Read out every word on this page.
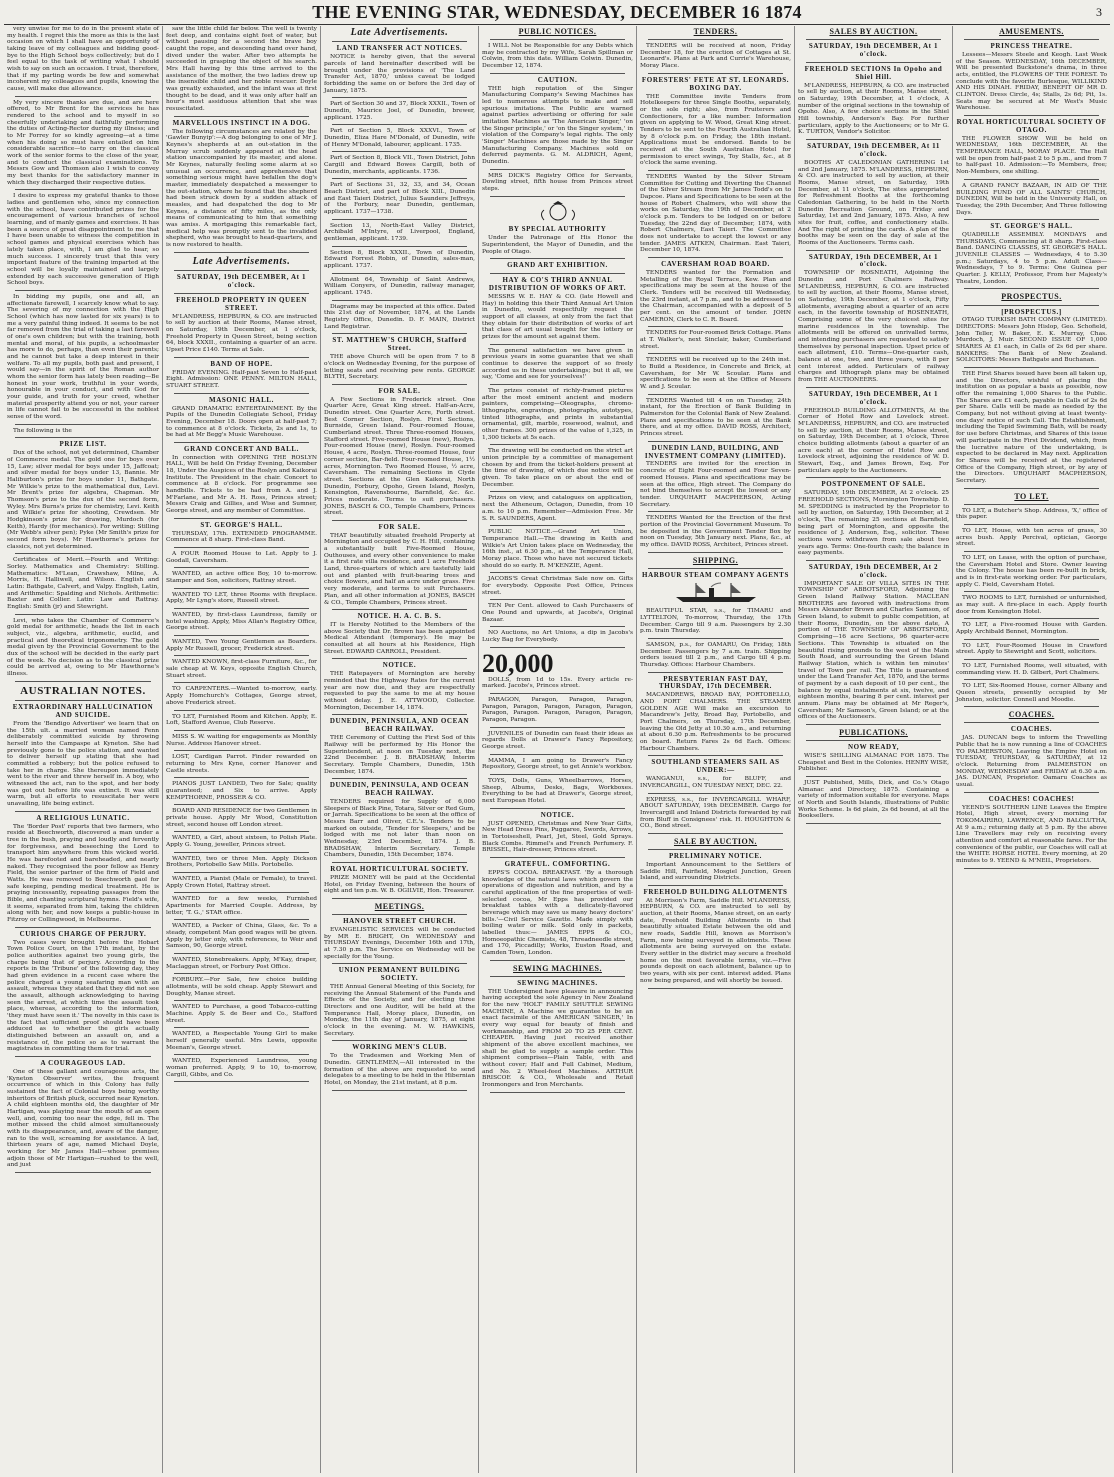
THE EVENING STAR, WEDNESDAY, DECEMBER 16 1874	3

very unwise for me to do in the present state of my health. I regret this the more as this is the last occasion on which I shall have an opportunity of taking leave of my colleagues and bidding good-bye to the High School boys collectively; but do I feel equal to the task of writing what I should wish to say on such an occasion. I trust, therefore, that if my parting words be few and somewhat incoherent my colleagues and pupils, knowing the cause, will make due allowance.

My very sincere thanks are due, and are here offered, to Mr Brent for the services he has rendered to the school and to myself in so cheerfully undertaking and faithfully performing the duties of Acting-Rector during my illness; and to Mr Forrey for so kindly agreeing—at a time when his doing so must have entailed on him considerable sacrifice—to carry on the classical work of the senior forms to the close of the year, and to conduct the classical examinations. To Messrs Gow and Thomson also I wish to convey my best thanks for the satisfactory manner in which they discharged their respective duties.

I desire to express my grateful thanks to those ladies and gentlemen who, since my connection with the school, have contributed prizes for the encouragement of various branches of school learning, and of manly games and exercises. It has been a source of great disappointment to me that I have been unable to witness the competition in school games and physical exercises which has lately taken place, with, I am glad to hear, so much success. I sincerely trust that this very important feature of the training imparted at the school will be loyally maintained and largely extended by each successive generation of High School boys.

In bidding my pupils, one and all, an affectionate farewell, I scarcely know what to say. The severing of my connection with the High School (which has now lasted for six years) is to me a very painful thing indeed. It seems to be not far removed from the trial of taking a last farewell of one's own children; but with the training, both mental and moral, of his pupils, a schoolmaster has more to do, perhaps, than even their parents; and he cannot but take a deep interest in their welfare. To all my pupils, both past and present, I would say—in the spirit of the Roman author whom the senior form has lately been reading—Be honest in your work, truthful in your words, honourable in your conduct, and with God for your guide, and truth for your creed, whether material prosperity attend you or not, your career in life cannot fail to be successful in the noblest sense of the word.

The following is the

PRIZE LIST.

Dux of the school, not yet determined, Chamber of Commerce medal. The gold one for boys over 15, Law; silver medal for boys under 15, Jaffcoat; and silver medal for boys under 13, Bannie. Mr Haliburton's prize for boys under 11, Bathgate. Mr Wilkie's prize to the mathematical dux, Levi. Mr Brent's prize for algebra, Chapman. Mr Thomson's prize to the dux of the second form, Wyley. Mrs Burns's prize for chemistry, Levi. Keith and Wilkie's prize for shooting, Crewdsen. Mr Hodgkinson's prize for drawing, Murdoch (for Keith), Hardy (for mechanics). For writing: Stilling (Mr Webb's silver pen); Pyke (Mr Smith's prize for second form boys). Mr Hawthorne's prizes for classics, not yet determined.

Certificates of Merit.—Fourth and Writing: Sorley. Mathematics and Chemistry: Stilling. Mathematics: M'Lean, Crawshaw, Milne, A. Morris, H. Halliwell, and Wilson. English and Latin: Bathgate, Calvert, and Valpy. English, Latin, and Arithmetic: Spalding and Nichols. Arithmetic: Baxter and Collier. Latin: Law and Rattray. English: Smith (jr) and Stewright.

Levi, who takes the Chamber of Commerce's gold medal for arithmetic, heads the list in each subject, viz., algebra, arithmetic, euclid, and practical and theoretical trigonometry. The gold medal given by the Provincial Government to the dux of the school will be decided in the early part of the week. No decision as to the classical prize could be arrived at, owing to Mr Hawthorne's illness.

AUSTRALIAN NOTES.
EXTRAORDINARY HALLUCINATION AND SUICIDE.

From the 'Bendigo Advertiser' we learn that on the 15th ult. a married woman named Fenn deliberately committed suicide by throwing herself into the Campaspe at Kyneton. She had previously gone to the police station, and wanted to deliver herself up stating that she had committed a robbery; but the police refused to take her in charge. She thereupon immediately went to the river and threw herself in. A boy, who witnessed the act, ran to the spot, and her body was got out before life was extinct. It was still warm, but all efforts to resuscitate her were unavailing, life being extinct.

A RELIGIOUS LUNATIC.

The 'Border Post' reports that two farmers, who reside at Beechworth, discovered a man under a tree in the bush, praying and loudly and fervently for forgiveness, and beseeching the Lord to transport him anywhere from this wicked world. He was barefooted and bareheaded, and nearly naked. They recognised the poor fellow as Henry Field, the senior partner of the firm of Field and Watts. He was removed to Beechworth gaol for safe keeping, pending medical treatment. He is praying incessantly, repeating passages from the Bible, and chanting scriptural hymns. Field's wife, it seems, separated from him, taking the children along with her, and now keeps a public-house in Fitzroy or Collingwood, in Melbourne.

CURIOUS CHARGE OF PERJURY.

Two cases were brought before the Hobart Town Police Court, on the 17th instant, by the police authorities against two young girls, the charge being that of perjury. According to the reports in the 'Tribune' of the following day, they had given evidence in a recent case where the police charged a young seafaring man with an assault, whereas they stated that they did not see the assault, although acknowledging to having seen the arrest, at which time the assault took place, whereas, according to the information, 'they must have seen it.' The novelty in this case is the fact that sufficient proof should have been adduced as to whether the girls actually distinguished between an assault on, and a resistance of, the police so as to warrant the magistrates in committing them for trial.

A COURAGEOUS LAD.

One of these gallant and courageous acts, the 'Kyneton Observer' writes, the frequent occurrence of which in this Colony has fully sustained the fact of Colonial boys being worthy inheritors of British pluck, occurred near Kyneton. A child eighteen months old, the daughter of Mr Hartigan, was playing near the mouth of an open well, and, coming too near the edge, fell in. The mother missed the child almost simultaneously with its disappearance, and, aware of the danger, ran to the well, screaming for assistance. A lad, thirteen years of age, named Michael Doyle, working for Mr James Hall—whose premises adjoin those of Mr Hartigan—rushed to the well, and just

saw the little child far below. The well is twenty feet deep, and contains eight feet of water, but without pausing for a second the brave boy caught the rope, and descending hand over hand, dived under the water. After two attempts he succeeded in grasping the object of his search. Mrs Hall having by this time arrived to the assistance of the mother, the two ladies drew up the insensible child and her noble rescuer. Doyle was greatly exhausted, and the infant was at first thought to be dead, and it was only after half an hour's most assiduous attention that she was resuscitated.

MARVELLOUS INSTINCT IN A DOG.

The following circumstances are related by the 'Gawler Bunyip':—A dog belonging to one of Mr J. Keynes's shepherds at an out-station in the Murray scrub suddenly appeared at the head station unaccompanied by its master, and alone. Mr Keynes, naturally feeling some alarm at so unusual an occurrence, and apprehensive that something serious might have befallen the dog's master, immediately despatched a messenger to the out-station, where he found that the shepherd had been struck down by a sudden attack of measles, and had despatched the dog to Mr Keynes, a distance of fifty miles, as the only means of communicating to him that something was amiss. A mortgaging this remarkable fact, medical help was promptly sent to the invalided shepherd, who was brought to head-quarters, and is now restored to health.

Late Advertisements.
SATURDAY, 19th DECEMBER, At 1 o'clock.
FREEHOLD PROPERTY IN QUEEN STREET.

M'LANDRESS, HEPBURN, & CO. are instructed to sell by auction at their Rooms, Manse street, on Saturday, 19th December, at 1 o'clock, Freehold Property in Queen Street, being section 64, block XXXII., containing a quarter of an acre. Upset Price £140. Terms at Sale.

BAND OF HOPE.

FRIDAY EVENING. Half-past Seven to Half-past Eight. Admission: ONE PENNY. MILTON HALL, STUART STREET.

MASONIC HALL.

GRAND DRAMATIC ENTERTAINMENT. By the Pupils of the Dunedin Collegiate School, Friday Evening, December 18. Doors open at half-past 7; to commence at 8 o'clock. Tickets, 2s and 1s, to be had at Mr Begg's Music Warehouse.

GRAND CONCERT AND BALL.

In connection with OPENING THE ROSLYN HALL, Will be held On Friday Evening, December 18, Under the Auspices of the Roslyn and Kaikorai Institute. The President in the chair. Concert to commence at 8 o'clock. For programme see handbills. Tickets to be had from A. and J. M'Farlane, and Mr A. H. Ross, Princes street; Messrs Craig and Gillies, and Wise and Sumner, George street, and any member of Committee.

ST. GEORGE'S HALL.

THURSDAY, 17th. EXTENDED PROGRAMME. Commence at 8 sharp. First-class Band.

A FOUR Roomed House to Let. Apply to J. Goodall, Caversham.

WANTED, an active office Boy, 10 to-morrow. Stamper and Son, solicitors, Rattray street.

WANTED TO LET, three Rooms with fireplace. Apply, Mr Lyng's store, Russell street.

WANTED, by first-class Laundress, family or hotel washing. Apply, Miss Allan's Registry Office, George street.

WANTED, Two Young Gentlemen as Boarders. Apply Mr Russell, grocer, Frederick street.

WANTED KNOWN, first-class Furniture, &c., for sale cheap at W. Keys, opposite English Church, Stuart street.

TO CARPENTERS.—Wanted to-morrow, early. Apply Homchurch's Cottages, George street, above Frederick street.

TO LET, Furnished Room and Kitchen. Apply, E. Loft, Stafford Avenue, Club Reserve.

MISS S. W. waiting for engagements as Monthly Nurse. Address Hanover street.

LOST, Cardigan Parrot. Finder rewarded on returning to Mrs Kyne, corner Hanover and Castle streets.

PIANOS JUST LANDED, Two for Sale; quality guaranteed; and Six to arrive. Apply KEMPTHORNE, PROSSER & CO.

BOARD AND RESIDENCE for two Gentlemen in private house. Apply Mr Wood, Constitution street, second house off London street.

WANTED, a Girl, about sixteen, to Polish Plate. Apply G. Young, jeweller, Princes street.

WANTED, two or three Men. Apply Dickson Brothers, Portobello Saw Mills. Portobello.

WANTED, a Pianist (Male or Female), to travel. Apply Crown Hotel, Rattray street.

WANTED for a few weeks, Furnished Apartments for Married Couple. Address, by letter, 'T. G.,' STAR office.

WANTED, a Packer of China, Glass, &c. To a steady, competent Man good wages will be given. Apply by letter only, with references, to Weir and Samson, 90, George street.

WANTED, Stonebreakers. Apply, M'Kay, draper, Maclaggan street, or Forbury Post Office.

FORBURY.—For Sale, few choice building allotments, will be sold cheap. Apply Stewart and Doughty, Manse street.

WANTED to Purchase, a good Tobacco-cutting Machine. Apply S. de Beer and Co., Stafford street.

WANTED, a Respectable Young Girl to make herself generally useful. Mrs Lewis, opposite Meenan's, George street.

WANTED, Experienced Laundress, young woman preferred. Apply, 9 to 10, to-morrow, Cargill, Gibbs, and Co.

Late Advertisements.
LAND TRANSFER ACT NOTICES.

NOTICE is hereby given, that the several parcels of land hereinafter described will be brought under the provisions of 'The Land Transfer Act, 1870,' unless caveat be lodged forbidding the same on or before the 3rd day of January, 1875.

Part of Section 30 and 37, Block XXXII., Town of Dunedin, Maurice Joel, of Dunedin, brewer, applicant. 1725.

Part of Section 5, Block XXXVI., Town of Dunedin, Eliza Hare M'Donald, of Dunedin, wife of Henry M'Donald, labourer, applicant. 1735.

Part of Section 8, Block VII., Town District, John Cargill and Edward Bowes Cargill, both of Dunedin, merchants, applicants. 1736.

Part of Sections 31, 32, 33, and 34, Ocean Beach District, and part of Block XIII., Dunedin and East Taieri District, Julius Saunders Jeffreys, of the Forbury, near Dunedin, gentleman, applicant. 1737—1738.

Section 13, North-East Valley District, Archibald M'Intyre, of Liverpool, England, gentleman, applicant. 1739.

Section 8, Block XXXII., Town of Dunedin, Edward Forrest Robin, of Dunedin, sales-man, applicant. 1737.

Allotment 64, Township of Saint Andrews, William Conyers, of Dunedin, railway manager, applicant. 1745.

Diagrams may be inspected at this office. Dated this 21st day of November, 1874, at the Lands Registry Office, Dunedin. D. F. MAIN, District Land Registrar.

ST. MATTHEW'S CHURCH, Stafford Street.

THE above Church will be open from 7 to 8 o'clock on Wednesday Evening, for the purpose of letting seats and receiving pew rents. GEORGE BLYTH, Secretary.

FOR SALE.

A Few Sections in Frederick street. One Quarter Acre, Great King street. Half-an-Acre, Dunedin street. One Quarter Acre, Forth street. Best Corner Section, Roslyn. First Sections, Burnside, Green Island. Four-roomed House, Cumberland street. Three Three-roomed Houses, Stafford street. Five-roomed House (new), Roslyn. Four-roomed House (new), Roslyn. Four-roomed House, 4 acre, Roslyn. Three-roomed House, four corner section, Bar-field. Four-roomed House, 1½ acres, Mornington. Two Roomed House, ½ acre, Caversham. The remaining Sections in Clyde street. Sections at the Glen Kaikorai, North Dunedin, Forbury, Opoho, Green Island, Roslyn, Kensington, Ravensbourne, Barnfield, &c. &c. Prices moderate. Terms to suit purchasers. JONES, BASCH & CO., Temple Chambers, Princes street.

FOR SALE.

THAT beautifully situated freehold Property at Mornington and occupied by C. H. Hill, containing a substantially built Five-Roomed House, Outhouses, and every other convenience to make it a first rate villa residence, and 1 acre Freehold Land, three-quarters of which are tastefully laid out and planted with fruit-bearing trees and choice flowers, and half an acre under grass. Five very moderate, and terms to suit Purchasers. Plan, and all other information at JONES, BASCH & CO., Temple Chambers, Princes street.

NOTICE. H. A. C. B. S.

IT is Hereby Notified to the Members of the above Society that Dr. Brown has been appointed Medical Attendant (temporary). He may be consulted at all hours at his Residence, High Street. EDWARD CARROLL, President.

NOTICE.

THE Ratepayers of Mornington are hereby reminded that the Highway Rates for the current year are now due, and they are respectfully requested to pay the same to me at my house without delay. J. E. ATTWOOD, Collector. Mornington, December 14, 1874.

DUNEDIN, PENINSULA, AND OCEAN BEACH RAILWAY.

THE Ceremony of Cutting the First Sod of this Railway will be performed by His Honor the Superintendent, at noon on Tuesday next, the 22nd December. J. B. BRADSHAW, Interim Secretary. Temple Chambers, Dunedin, 15th December, 1874.

DUNEDIN, PENINSULA, AND OCEAN BEACH RAILWAY.

TENDERS required for Supply of 6,000 Sleepers of Black Pine, Totara, Silver or Red Gum, or Jarrah. Specifications to be seen at the office of Messrs Barr and Oliver, C.E.'s. Tenders to be marked on outside, 'Tender for Sleepers,' and be lodged with me not later than noon on Wednesday, 23rd December, 1874. J. B. BRADSHAW, Interim Secretary. Temple Chambers, Dunedin, 15th December, 1874.

ROYAL HORTICULTURAL SOCIETY.

PRIZE MONEY will be paid at the Occidental Hotel, on Friday Evening, between the hours of eight and ten p.m. W. B. OGILVIE, Hon. Treasurer.

MEETINGS.
HANOVER STREET CHURCH.

EVANGELISTIC SERVICES will be conducted by MR E. BRIGHT, On WEDNESDAY and THURSDAY Evenings, December 16th and 17th, at 7.30 p.m. The Service on Wednesday will be specially for the Young.

UNION PERMANENT BUILDING SOCIETY.

THE Annual General Meeting of this Society, for receiving the Annual Statement of the Funds and Effects of the Society, and for electing three Directors and one Auditor, will be held at the Temperance Hall, Moray place, Dunedin, on Monday, the 11th day of January, 1875, at eight o'clock in the evening. M. W. HAWKINS, Secretary.

WORKING MEN'S CLUB.

To the Tradesmen and Working Men of Dunedin. GENTLEMEN,—All interested in the formation of the above are requested to send delegates to a meeting to be held in the Hibernian Hotel, on Monday, the 21st instant, at 8 p.m.

PUBLIC NOTICES.

I WILL Not be Responsible for any Debts which may be contracted by my Wife, Sarah Spillman or Colwin, from this date. William Colwin. Dunedin, December 12, 1874.

CAUTION.

THE high reputation of the Singer Manufacturing Company's Sewing Machines has led to numerous attempts to make and sell spurious imitations. The Public are warned against parties advertising or offering for sale imitation Machines as 'The American Singer,' 'on the Singer principle,' or 'on the Singer system,' in violation of the Company's legal rights. The only 'Singer' Machines are those made by the Singer Manufacturing Company. Machines sold on deferred payments. G. M. ALDRICH, Agent, Dunedin.

MRS DICK'S Registry Office for Servants, Dowling street, fifth house from Princes street steps.

BY SPECIAL AUTHORITY

Under the Patronage of His Honor the Superintendent, the Mayor of Dunedin, and the People of Otago.

GRAND ART EXHIBITION.
HAY & CO'S THIRD ANNUAL DISTRIBUTION OF WORKS OF ART.

MESSRS W. E. HAY & CO. (late Howell and Hay) in holding this their Third Annual Art Union in Dunedin, would respectfully request the support of all classes, at only from the fact that they obtain for their distribution of works of art that class of art usual bought for the lottery or prizes for the amount set against them.

The general satisfaction we have given in previous years in some guarantee that we shall continue to deserve the support of so freely accorded us in these undertakings; but it all, we say, 'Come and see for yourselves!'

The prizes consist of richly-framed pictures after the most eminent ancient and modern painters, comprising—Oleographs, chromo-lithographs, engravings, photographs, autotypes, tinted lithographs, and prints in substantial ornamental, gilt, marble, rosewood, walnut, and other frames. 300 prizes of the value of 1,325, in 1,300 tickets at 5s each.

The drawing will be conducted on the strict art union principle by a committee of management chosen by and from the ticket-holders present at the time of drawing, of which due notice will be given. To take place on or about the end of December.

Prizes on view, and catalogues on application, next the Atheneum, Octagon, Dunedin, from 10 a.m. to 10 p.m. Remember—Admission Free. Mr S. R. SAUNDERS, Agent.

PUBLIC NOTICE.—Grand Art Union, Temperance Hall.—The drawing in Keith and Wilkie's Art Union takes place on Wednesday, the 16th inst., at 6.30 p.m., at the Temperance Hall, Moray place. Those who have not secured tickets should do so early. R. M'KENZIE, Agent.

JACOBS'S Great Christmas Sale now on. Gifts for everybody. Opposite Post Office, Princes street.

TEN Per Cent. allowed to Cash Purchasers of One Pound and upwards, at Jacobs's, Original Bazaar.

NO Auctions, no Art Unions, a dip in Jacobs's Lucky Bag for Everybody.

20,000

DOLLS, from 1d to 15s. Every article re-marked. Jacobs's, Princes street.

PARAGON, Paragon, Paragon, Paragon, Paragon, Paragon, Paragon, Paragon, Paragon, Paragon, Paragon. Paragon, Paragon, Paragon, Paragon, Paragon.

JUVENILES of Dunedin can feast their ideas as regards Dolls at Drawer's Fancy Repository, George street.

MAMMA, I am going to Drawer's Fancy Repository, George street, to get Annie's workbox.

TOYS, Dolls, Guns, Wheelbarrows, Horses, Sheep, Albums, Desks, Bags, Workboxes. Everything to be had at Drawer's, George street, next European Hotel.

NOTICE.

JUST OPENED, Christmas and New Year Gifts, New Head Dress Pins, Puggaree, Swords, Arrows, in Tortoiseshell, Pearl, Jet, Steel, Gold Sprays. Black Combs. Rimmel's and French Perfumery. F. BRISSEL, Hair-dresser, Princes street.

GRATEFUL. COMFORTING.

EPPS'S COCOA. BREAKFAST. 'By a thorough knowledge of the natural laws which govern the operations of digestion and nutrition, and by a careful application of the fine properties of well-selected cocoa, Mr Epps has provided our breakfast tables with a delicately-flavored beverage which may save us many heavy doctors' bills.'—Civil Service Gazette. Made simply with boiling water or milk. Sold only in packets, labelled thus:— JAMES EPPS & CO., Homoeopathic Chemists, 48, Threadneedle street, and 170, Piccadilly; Works, Euston Road, and Camden Town, London.

SEWING MACHINES.
SEWING MACHINES.

THE Undersigned have pleasure in announcing having accepted the sole Agency in New Zealand for the new 'HOLT' FAMILY SHUTTLE SEWING MACHINE, A Machine we guarantee to be an exact facsimile of the AMERICAN 'SINGER,' In every way equal for beauty of finish and workmanship, and FROM 20 TO 25 PER CENT. CHEAPER. Having just received another shipment of the above excellent machines, we shall be glad to supply a sample order. This shipment comprises—Plain Table, with and without cover; Half and Full Cabinet, Medium, and No. 2 Wheel-feed Machines. ARTHUR BRISCOE & CO., Wholesale and Retail Ironmongers and Iron Merchants.

TENDERS.

TENDERS will be received at noon, Friday December 18, for the erection of Cottages at St. Leonard's. Plans at Park and Currie's Warehouse, Moray Place.

FORESTERS' FETE AT ST. LEONARDS. BOXING DAY.

THE Committee invite Tenders from Hotelkeepers for three Single Booths, separately, or the sole right; also, from Fruiterers and Confectioners, for a like number. Information given on applying to W. Wood, Great King street. Tenders to be sent to the Fourth Australian Hotel, by 8 o'clock p.m. on Friday, the 18th instant. Applications must be endorsed. Bands to be received at the South Australian Hotel for permission to erect swings, Toy Stalls, &c., at 8 o'clock the same evening.

TENDERS Wanted by the Silver Stream Committee for Cutting and Diverting the Channel of the Silver Stream from Mr James Todd's on to Dapcoe. Plans and Specifications to be seen at the house of Robert Chalmers, who will show the works on Saturday, the 19th of December, at 2 o'clock p.m. Tenders to be lodged on or before Tuesday, the 22nd day of December, 1874, with Robert Chalmers, East Taieri. The Committee does not undertake to accept the lowest or any tender. JAMES AITKEN, Chairman. East Taieri, December 10, 1874.

CAVERSHAM ROAD BOARD.

TENDERS wanted for the Formation and Metalling of the Royal Terrace, Kew. Plan and specifications may be seen at the house of the Clerk. Tenders will be received till Wednesday, the 23rd instant, at 7 p.m., and to be addressed to the Chairman, accompanied with a deposit of 5 per cent. on the amount of tender. JOHN CAMERON, Clerk to C. R. Board.

TENDERS for Four-roomed Brick Cottage. Plans at T. Walker's, next Sinclair, baker, Cumberland street.

TENDERS will be received up to the 24th inst. to Build a Residence, in Concrete and Brick, at Caversham, for Mr W. Scoular. Plans and specifications to be seen at the Office of Messrs W. and J. Scoular.

TENDERS Wanted till 4 on on Tuesday, 24th instant, for the Erection of Bank Building in Palmerston for the Colonial Bank of New Zealand. Plans and specifications to be seen at the Bank there, and at my office. DAVID ROSS, Architect, Princes street.

DUNEDIN LAND, BUILDING, AND INVESTMENT COMPANY (LIMITED).

TENDERS are invited for the erection in concrete of Eight Four-roomed and Four Seven-roomed Houses. Plans and specifications may be seen at the office, High street. The Company do not bind themselves to accept the lowest or any tender. URQUHART MACPHERSON, Acting Secretary.

TENDERS Wanted for the Erection of the first portion of the Provincial Government Museum. To be deposited in the Government Tender Box by noon on Tuesday, 5th January next. Plans, &c., at my office. DAVID ROSS, Architect, Princes street.

SHIPPING.
HARBOUR STEAM COMPANY AGENTS

BEAUTIFUL STAR, s.s., for TIMARU and LYTTELTON, To-morrow, Thursday, the 17th December. Cargo till 9 a.m. Passengers by 2.30 p.m. train Thursday.

SAMSON, p.s., for OAMARU, On Friday, 18th December. Passengers by 7 a.m. train. Shipping orders issued till 2 p.m., and Cargo till 4 p.m. Thursday. Offices: Harbour Chambers.

PRESBYTERIAN FAST DAY, THURSDAY, 17th DECEMBER.

MACANDREWS, BROAD BAY, PORTOBELLO, AND PORT CHALMERS. THE STEAMER GOLDEN AGE Will make an excursion to Macandrew's Jetty, Broad Bay, Portobello, and Port Chalmers, on Thursday, 17th December, leaving the Old Jetty at 10.30 a.m., and returning at about 6.30 p.m. Refreshments to be procured on board. Return Fares 2s 6d Each. Offices: Harbour Chambers.

SOUTHLAND STEAMERS SAIL AS UNDER:—

WANGANUI, s.s., for BLUFF, and INVERCARGILL, ON TUESDAY NEXT, DEC. 22.

EXPRESS, s.s., for INVERCARGILL WHARF, ABOUT SATURDAY, 19th DECEMBER. Cargo for Invercargill and Inland Districts forwarded by rail from Bluff in Consignees' risk. H. HOUGHTON & CO., Bond street.

SALE BY AUCTION.
PRELIMINARY NOTICE.

Important Announcement to the Settlers of Saddle Hill, Fairfield, Mosgiel Junction, Green Island, and surrounding Districts.

FREEHOLD BUILDING ALLOTMENTS

At Morrison's Farm, Saddle Hill. M'LANDRESS, HEPBURN, & CO. are instructed to sell by auction, at their Rooms, Manse street, on an early date, Freehold Building Allotments in that beautifully situated Estate between the old and new roads, Saddle Hill, known as Morrison's Farm, now being surveyed in allotments. These allotments are being surveyed on the estate. Every settler in the district may secure a freehold home on the most favorable terms, viz.—Five pounds deposit on each allotment, balance up to two years, with six per cent. interest added. Plans now being prepared, and will shortly be issued.

SALES BY AUCTION.
SATURDAY, 19th DECEMBER, At 1 o'clock.
FREEHOLD SECTIONS In Opoho and Shiel Hill.

M'LANDRESS, HEPBURN, & CO. are instructed to sell by auction, at their Rooms, Manse street, on Saturday, 19th December, at 1 o'clock, A number of the original sections in the township of Opoho. Also, A few choice sections in the Shiel Hill township, Anderson's Bay. For further particulars, apply to the Auctioneers; or to Mr G. K. TURTON, Vendor's Solicitor.

SATURDAY, 19th DECEMBER, At 11 o'clock.

BOOTHS AT CALEDONIAN GATHERING 1st and 2nd January, 1875. M'LANDRESS, HEPBURN, & CO. are instructed to sell by auction, at their Rooms, Manse street, on Saturday, 19th December, at 11 o'clock, The sites appropriated for Refreshment Booths at the forthcoming Caledonian Gathering, to be held in the North Dunedin Recreation Ground, on Friday and Saturday, 1st and 2nd January, 1875. Also, A few sites for fruit, coffee, and confectionery stalls. And The right of printing the cards. A plan of the booths may be seen on the day of sale at the Rooms of the Auctioneers. Terms cash.

SATURDAY, 19th DECEMBER, At 1 o'clock.

TOWNSHIP OF ROSNEATH, Adjoining the Dunedin and Port Chalmers Railway. M'LANDRESS, HEPBURN, & CO. are instructed to sell by auction, at their Rooms, Manse street, on Saturday, 19th December, at 1 o'clock, Fifty allotments, averaging about a quarter of an acre each, in the favorite township of ROSENEATH, Comprising some of the very choicest sites for marine residences in the township. The allotments will be offered on unrivalled terms, and intending purchasers are requested to satisfy themselves by personal inspection. Upset price of each allotment, £10. Terms—One-quarter cash, balance at one, two, and three years, with 8 per cent interest added. Particulars of railway charges and lithograph plans may be obtained from THE AUCTIONEERS.

SATURDAY, 19th DECEMBER, At 1 o'clock.

FREEHOLD BUILDING ALLOTMENTS, At the Corner of Hotel Row and Lovelock street. M'LANDRESS, HEPBURN, and CO. are instructed to sell by auction, at their Rooms, Manse street, on Saturday, 19th December, at 1 o'clock, Three choice building allotments (about a quarter of an acre each) at the corner of Hotel Row and Lovelock street, adjoining the residence of W. D. Stewart, Esq., and James Brown, Esq. For particulars apply to the Auctioneers.

POSTPONEMENT OF SALE.

SATURDAY, 19th DECEMBER, At 2 o'clock. 25 FREEHOLD SECTIONS, Mornington Township. D. M. SPEDDING is instructed by the Proprietor to sell by auction, on Saturday, 19th December, at 2 o'clock, The remaining 25 sections at Barnfield, being part of Mornington, and opposite the residence of J. Anderson, Esq., solicitor. These sections were withdrawn from sale about two years ago. Terms: One-fourth cash; the balance in easy payments.

SATURDAY, 19th DECEMBER, At 2 o'clock.

IMPORTANT SALE OF VILLA SITES IN THE TOWNSHIP OF ABBOTSFORD, Adjoining the Green Island Railway Station. MACLEAN BROTHERS are favored with instructions from Messrs Alexander Brown and Charles Samson, of Green Island, to submit to public competition, at their Rooms, Dunedin, on the above date, A portion of THE TOWNSHIP OF ABBOTSFORD, Comprising—16 acre Sections, 96 quarter-acre Sections. This Township is situated on the beautiful rising grounds to the west of the Main South Road, and surrounding the Green Island Railway Station, which is within ten minutes' travel of Town per rail. The Title is guaranteed under the Land Transfer Act, 1870, and the terms of payment by a cash deposit of 10 per cent., the balance by equal instalments at six, twelve, and eighteen months, bearing 8 per cent. interest per annum. Plans may be obtained at Mr Reger's, Caversham; Mr Samson's, Green Island; or at the offices of the Auctioneers.

PUBLICATIONS.
NOW READY,

WISE'S SHILLING ALMANAC FOR 1875. The Cheapest and Best in the Colonies. HENRY WISE, Publisher.

JUST Published, Mills, Dick, and Co.'s Otago Almanac and Directory, 1875. Containing a variety of information suitable for everyone. Maps of North and South Islands, illustrations of Public Works Scheme. Is 6d plain, 2s 6d bound, at all the Booksellers.

AMUSEMENTS.
PRINCESS THEATRE.

Lessees—Messrs Steele and Keogh. Last Week of the Season. WEDNESDAY, 16th DECEMBER, Will be presented Buckstone's drama, in three acts, entitled, the FLOWERS OF THE FOREST. To conclude with the favorite Burlesque, WILLIKIND AND HIS DINAH. FRIDAY, BENEFIT OF MR D. CLINTON. Dress Circle, 4s; Stalls, 2s 6d; Pit, 1s. Seats may be secured at Mr West's Music Warehouse.

ROYAL HORTICULTURAL SOCIETY OF OTAGO.

THE FLOWER SHOW Will be held on WEDNESDAY, 16th DECEMBER, At the TEMPERANCE HALL, MORAY PLACE. The Hall will be open from half-past 2 to 5 p.m., and from 7 to half-past 10. Admission:—To Members, free; Non-Members, one shilling.

A GRAND FANCY BAZAAR, IN AID OF THE BUILDING FUND OF ALL SAINTS' CHURCH, DUNEDIN, Will be held in the University Hall, on Tuesday, the 29th December, And Three following Days.

ST. GEORGE'S HALL.

QUADRILLE ASSEMBLY. MONDAYS and THURSDAYS, Commencing at 8 sharp. First-class Band. DANCING CLASSES, ST. GEORGE'S HALL. JUVENILE CLASSES — Wednesdays, 4 to 5.30 p.m.; Saturdays, 4 to 5 p.m. Adult Class—Wednesdays, 7 to 9. Terms: One Guinea per Quarter. J. KELLY, Professor, From her Majesty's Theatre, London.

PROSPECTUS.
[PROSPECTUS.]

OTAGO TURKISH BATH COMPANY (LIMITED). DIRECTORS: Messrs John Hislop, Geo. Schofield, John Teller, W. Baker, E. K. Murray, Chas. Murdoch, J. Muir. SECOND ISSUE OF 1,000 SHARES At £1 each, in Calls of 2s 6d per share. BANKERS: The Bank of New Zealand. SOLICITORS: Messrs Bathgate and Buchanan.

THE First Shares issued have been all taken up, and the Directors, wishful of placing the institution on as popular a basis as possible, now offer the remaining 1,000 Shares to the Public. The Shares are £1 each, payable in Calls of 2s 6d per Share. Calls will be made as needed by the Company, but not without giving at least twenty-one days' notice of such Call. The Establishment, including the Tepid Swimming Bath, will be ready for use before Christmas, and Shares of this issue will participate in the First Dividend, which, from the lucrative nature of the undertaking, is expected to be declared in May next. Application for Shares will be received at the registered Office of the Company, High street, or by any of the Directors. URQUHART MACPHERSON, Secretary.

TO LET.

TO LET, a Butcher's Shop. Address, 'X,' office of this paper.

TO LET, House, with ten acres of grass, 30 acres bush. Apply Percival, optician, George street.

TO LET, on Lease, with the option of purchase, the Caversham Hotel and Store. Owner leaving the Colony. The house has been re-built in brick, and is in first-rate working order. For particulars, apply C. Field, Caversham Hotel.

TWO ROOMS to LET, furnished or unfurnished, as may suit. A fire-place in each. Apply fourth door from Kensington Hotel.

TO LET, a Five-roomed House with Garden. Apply Archibald Bennet, Mornington.

TO LET, Four-Roomed House in Crawford street. Apply to Stewright and Scott, solicitors.

TO LET, Furnished Rooms, well situated, with commanding view. H. D. Gilbert, Port Chalmers.

TO LET, Six-Roomed House, corner Albany and Queen streets, presently occupied by Mr Johnston, solicitor. Connell and Moodie.

COACHES.
COACHES.

JAS. DUNCAN begs to inform the Travelling Public that he is now running a line of COACHES TO PALMERSTON, Leaving the Empire Hotel on TUESDAY, THURSDAY, & SATURDAY, at 12 o'clock. Returning from PALMERSTON on MONDAY, WEDNESDAY and FRIDAY at 6.30 a.m. JAS. DUNCAN, Proprietor. Oamaru Coaches as usual.

COACHES! COACHES!

YEEND'S SOUTHERN LINE Leaves the Empire Hotel, High street, every morning for TOKOMAIRIRO, LAWRENCE, AND BALCLUTHA, At 9 a.m.; returning daily at 5 p.m. By the above Line Travellers may rely on receiving every attention and comfort at reasonable fares. For the convenience of the public, our Coaches will call at the WHITE HORSE HOTEL Every morning, at 20 minutes to 9. YEEND & M'NEIL, Proprietors.
